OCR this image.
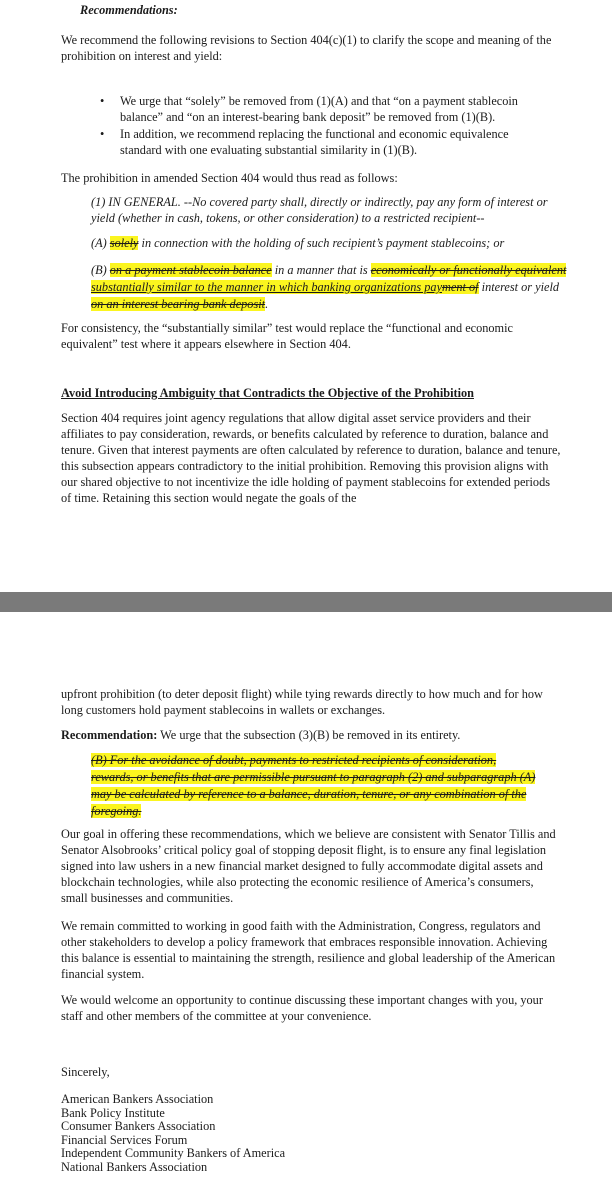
Recommendations:

We recommend the following revisions to Section 404(c)(1) to clarify the scope and meaning of the prohibition on interest and yield:

• We urge that “solely” be removed from (1)(A) and that “on a payment stablecoin balance” and “on an interest-bearing bank deposit” be removed from (1)(B).
• In addition, we recommend replacing the functional and economic equivalence standard with one evaluating substantial similarity in (1)(B).

The prohibition in amended Section 404 would thus read as follows:

(1) IN GENERAL. --No covered party shall, directly or indirectly, pay any form of interest or yield (whether in cash, tokens, or other consideration) to a restricted recipient--

(A) solely in connection with the holding of such recipient’s payment stablecoins; or

(B) on a payment stablecoin balance in a manner that is economically or functionally equivalent substantially similar to the manner in which banking organizations payment of interest or yield on an interest bearing bank deposit.

For consistency, the “substantially similar” test would replace the “functional and economic equivalent” test where it appears elsewhere in Section 404.

Avoid Introducing Ambiguity that Contradicts the Objective of the Prohibition

Section 404 requires joint agency regulations that allow digital asset service providers and their affiliates to pay consideration, rewards, or benefits calculated by reference to duration, balance and tenure. Given that interest payments are often calculated by reference to duration, balance and tenure, this subsection appears contradictory to the initial prohibition. Removing this provision aligns with our shared objective to not incentivize the idle holding of payment stablecoins for extended periods of time. Retaining this section would negate the goals of the

upfront prohibition (to deter deposit flight) while tying rewards directly to how much and for how long customers hold payment stablecoins in wallets or exchanges.

Recommendation: We urge that the subsection (3)(B) be removed in its entirety.

(B) For the avoidance of doubt, payments to restricted recipients of consideration, rewards, or benefits that are permissible pursuant to paragraph (2) and subparagraph (A) may be calculated by reference to a balance, duration, tenure, or any combination of the foregoing.

Our goal in offering these recommendations, which we believe are consistent with Senator Tillis and Senator Alsobrooks’ critical policy goal of stopping deposit flight, is to ensure any final legislation signed into law ushers in a new financial market designed to fully accommodate digital assets and blockchain technologies, while also protecting the economic resilience of America’s consumers, small businesses and communities.

We remain committed to working in good faith with the Administration, Congress, regulators and other stakeholders to develop a policy framework that embraces responsible innovation. Achieving this balance is essential to maintaining the strength, resilience and global leadership of the American financial system.

We would welcome an opportunity to continue discussing these important changes with you, your staff and other members of the committee at your convenience.

Sincerely,

American Bankers Association
Bank Policy Institute
Consumer Bankers Association
Financial Services Forum
Independent Community Bankers of America
National Bankers Association
